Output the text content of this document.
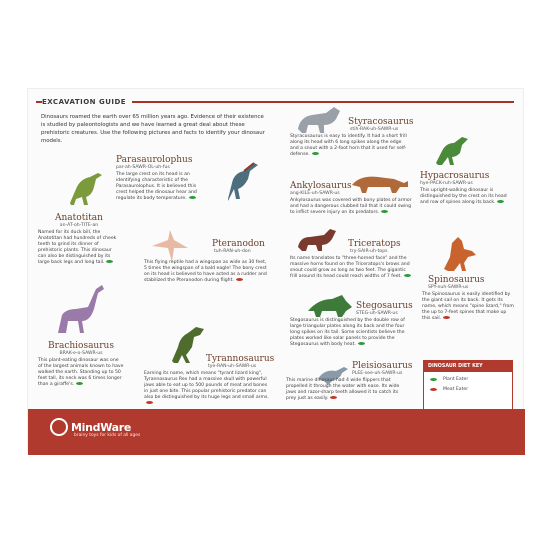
EXCAVATION GUIDE
Dinosaurs roamed the earth over 65 million years ago. Evidence of their existence is studied by paleontologists and we have learned a great deal about these prehistoric creatures. Use the following pictures and facts to identify your dinosaur models.
Anatotitan
an-AT-oh-TITE-an
Named for its duck bill, the Anatotitan had hundreds of cheek teeth to grind its dinner of prehistoric plants. This dinosaur can also be distinguished by its large back legs and long tail.
Parasaurolophus
par-ah-SAWR-OL-uh-fus
The large crest on its head is an identifying characteristic of the Parasaurolophus. It is believed this crest helped the dinosaur hear and regulate its body temperature.
Pteranodon
tuh-RAN-uh-don
This flying reptile had a wingspan as wide as 30 feet, 5 times the wingspan of a bald eagle! The bony crest on its head is believed to have acted as a rudder and stabilized the Pteranodon during flight.
Brachiosaurus
BRAK-e-o-SAWR-us
This plant-eating dinosaur was one of the largest animals known to have walked the earth. Standing up to 50 feet tall, its neck was 6 times longer than a giraffe's.
Tyrannosaurus
tye-RAN-uh-SAWR-us
Earning its name, which means "tyrant lizard king", Tyrannosaurus Rex had a massive skull with powerful jaws able to eat up to 500 pounds of meat and bones in just one bite. This popular prehistoric predator can also be distinguished by its huge legs and small arms.
Styracosaurus
stih-RAK-uh-SAWR-us
Styracosaurus is easy to identify. It had a short frill along its head with 6 long spikes along the edge and a snout with a 2-foot horn that it used for self-defense.
Ankylosaurus
ang-KILE-uh-SAWR-us
Ankylosaurus was covered with bony plates of armor and had a dangerous clubbed tail that it could swing to inflict severe injury on its predators.
Triceratops
try-SAIR-uh-tops
Its name translates to "three-horned face" and the massive horns found on the Triceratops's brows and snout could grow as long as two feet. The gigantic frill around its head could reach widths of 7 feet.
Stegosaurus
STEG-uh-SAWR-us
Stegosaurus is distinguished by the double row of large triangular plates along its back and the four long spikes on its tail. Some scientists believe the plates worked like solar panels to provide the Stegosaurus with body heat.
Pleisiosaurus
PLEE-see-uh-SAWR-us
This marine dinosaur had 4 wide flippers that propelled it through the water with ease. Its wide jaws and razor-sharp teeth allowed it to catch its prey just as easily.
Hypacrosaurus
hye-PACK-ruh-SAWR-us
This upright-walking dinosaur is distinguished by the crest on its head and row of spines along its back.
Spinosaurus
SPY-nuh-SAWR-us
The Spinosaurus is easily identified by the giant sail on its back. It gets its name, which means "spine lizard," from the up to 7-feet spines that make up this sail.
DINOSAUR DIET KEY
Plant Eater
Meat Eater
MindWare
brainy toys for kids of all ages
